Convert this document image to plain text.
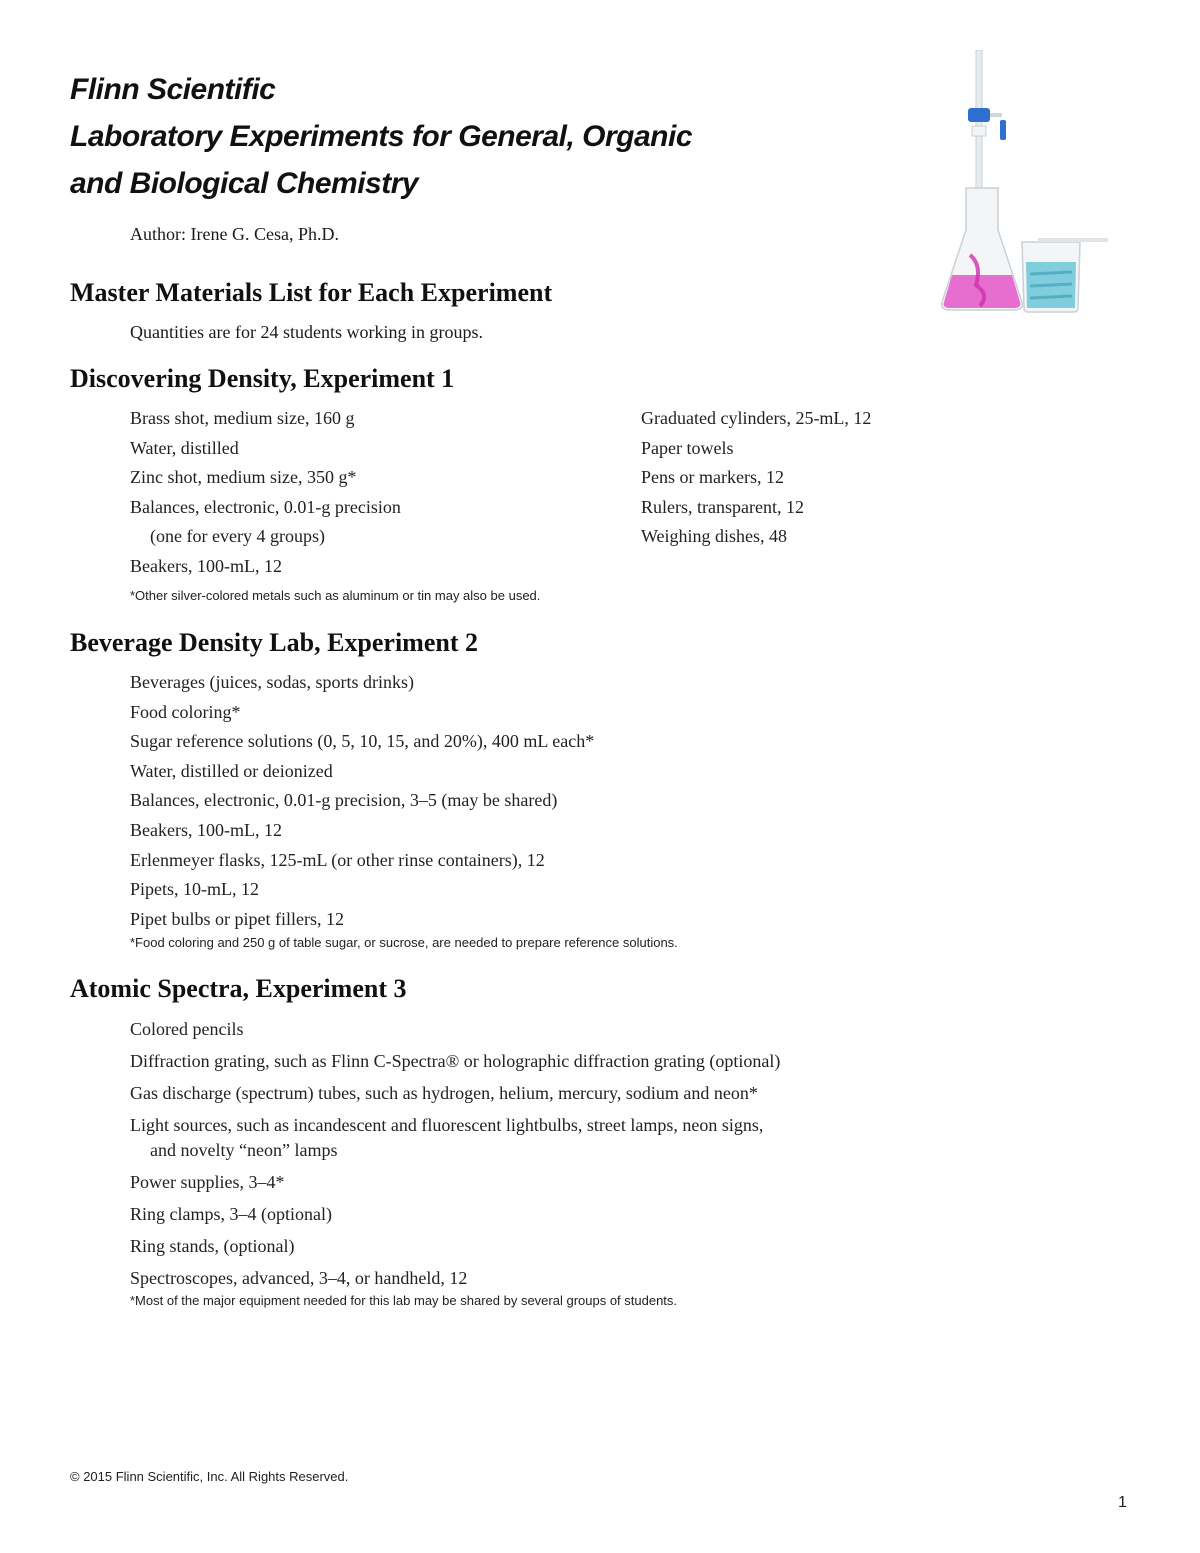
Flinn Scientific
Laboratory Experiments for General, Organic
and Biological Chemistry
Author: Irene G. Cesa, Ph.D.
Master Materials List for Each Experiment
Quantities are for 24 students working in groups.
Discovering Density, Experiment 1
Brass shot, medium size, 160 g
Water, distilled
Zinc shot, medium size, 350 g*
Balances, electronic, 0.01-g precision
(one for every 4 groups)
Beakers, 100-mL, 12
Graduated cylinders, 25-mL, 12
Paper towels
Pens or markers, 12
Rulers, transparent, 12
Weighing dishes, 48
*Other silver-colored metals such as aluminum or tin may also be used.
Beverage Density Lab, Experiment 2
Beverages (juices, sodas, sports drinks)
Food coloring*
Sugar reference solutions (0, 5, 10, 15, and 20%), 400 mL each*
Water, distilled or deionized
Balances, electronic, 0.01-g precision, 3–5 (may be shared)
Beakers, 100-mL, 12
Erlenmeyer flasks, 125-mL (or other rinse containers), 12
Pipets, 10-mL, 12
Pipet bulbs or pipet fillers, 12
*Food coloring and 250 g of table sugar, or sucrose, are needed to prepare reference solutions.
Atomic Spectra, Experiment 3
Colored pencils
Diffraction grating, such as Flinn C-Spectra® or holographic diffraction grating (optional)
Gas discharge (spectrum) tubes, such as hydrogen, helium, mercury, sodium and neon*
Light sources, such as incandescent and fluorescent lightbulbs, street lamps, neon signs,
and novelty “neon” lamps
Power supplies, 3–4*
Ring clamps, 3–4 (optional)
Ring stands, (optional)
Spectroscopes, advanced, 3–4, or handheld, 12
*Most of the major equipment needed for this lab may be shared by several groups of students.
© 2015 Flinn Scientific, Inc. All Rights Reserved.
1
